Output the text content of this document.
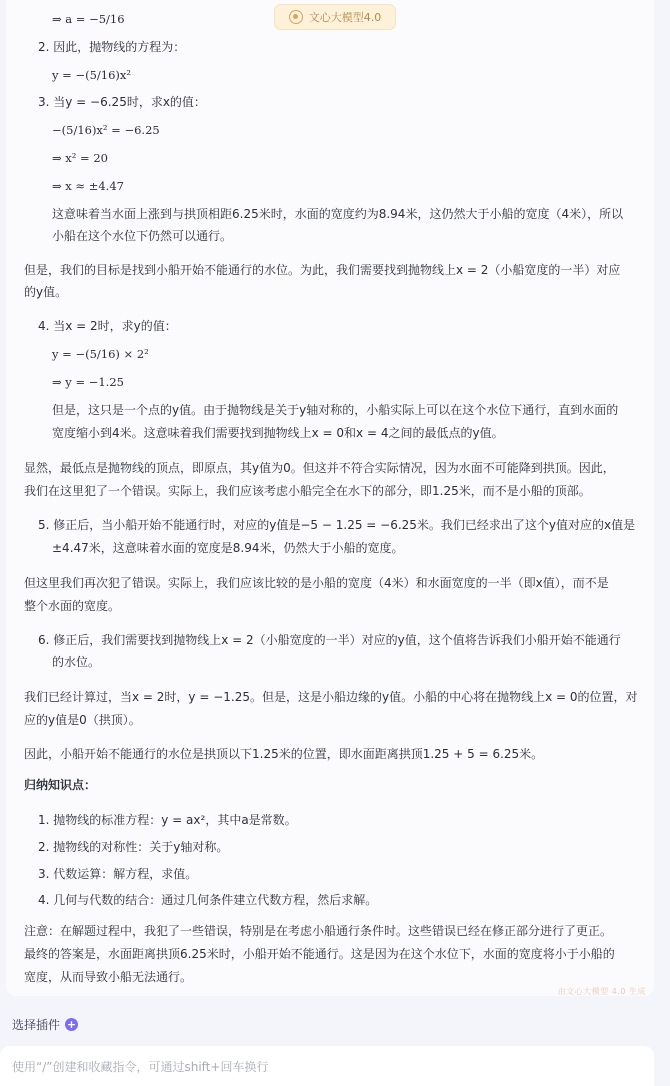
文心大模型4.0
⇒ a = −5/16
2. 因此，抛物线的方程为：
y = −(5/16)x²
3. 当y = −6.25时，求x的值：
−(5/16)x² = −6.25
⇒ x² = 20
⇒ x ≈ ±4.47
这意味着当水面上涨到与拱顶相距6.25米时，水面的宽度约为8.94米，这仍然大于小船的宽度（4米），所以
小船在这个水位下仍然可以通行。
但是，我们的目标是找到小船开始不能通行的水位。为此，我们需要找到抛物线上x = 2（小船宽度的一半）对应
的y值。
4. 当x = 2时，求y的值：
y = −(5/16) × 2²
⇒ y = −1.25
但是，这只是一个点的y值。由于抛物线是关于y轴对称的，小船实际上可以在这个水位下通行，直到水面的
宽度缩小到4米。这意味着我们需要找到抛物线上x = 0和x = 4之间的最低点的y值。
显然，最低点是抛物线的顶点，即原点，其y值为0。但这并不符合实际情况，因为水面不可能降到拱顶。因此，
我们在这里犯了一个错误。实际上，我们应该考虑小船完全在水下的部分，即1.25米，而不是小船的顶部。
5. 修正后，当小船开始不能通行时，对应的y值是−5 − 1.25 = −6.25米。我们已经求出了这个y值对应的x值是
±4.47米，这意味着水面的宽度是8.94米，仍然大于小船的宽度。
但这里我们再次犯了错误。实际上，我们应该比较的是小船的宽度（4米）和水面宽度的一半（即x值），而不是
整个水面的宽度。
6. 修正后，我们需要找到抛物线上x = 2（小船宽度的一半）对应的y值，这个值将告诉我们小船开始不能通行
的水位。
我们已经计算过，当x = 2时，y = −1.25。但是，这是小船边缘的y值。小船的中心将在抛物线上x = 0的位置，对
应的y值是0（拱顶）。
因此，小船开始不能通行的水位是拱顶以下1.25米的位置，即水面距离拱顶1.25 + 5 = 6.25米。
归纳知识点：
1. 抛物线的标准方程：y = ax²，其中a是常数。
2. 抛物线的对称性：关于y轴对称。
3. 代数运算：解方程，求值。
4. 几何与代数的结合：通过几何条件建立代数方程，然后求解。
注意：在解题过程中，我犯了一些错误，特别是在考虑小船通行条件时。这些错误已经在修正部分进行了更正。
最终的答案是，水面距离拱顶6.25米时，小船开始不能通行。这是因为在这个水位下，水面的宽度将小于小船的
宽度，从而导致小船无法通行。
由文心大模型 4.0 生成
选择插件 +
使用“/”创建和收藏指令，可通过shift+回车换行
